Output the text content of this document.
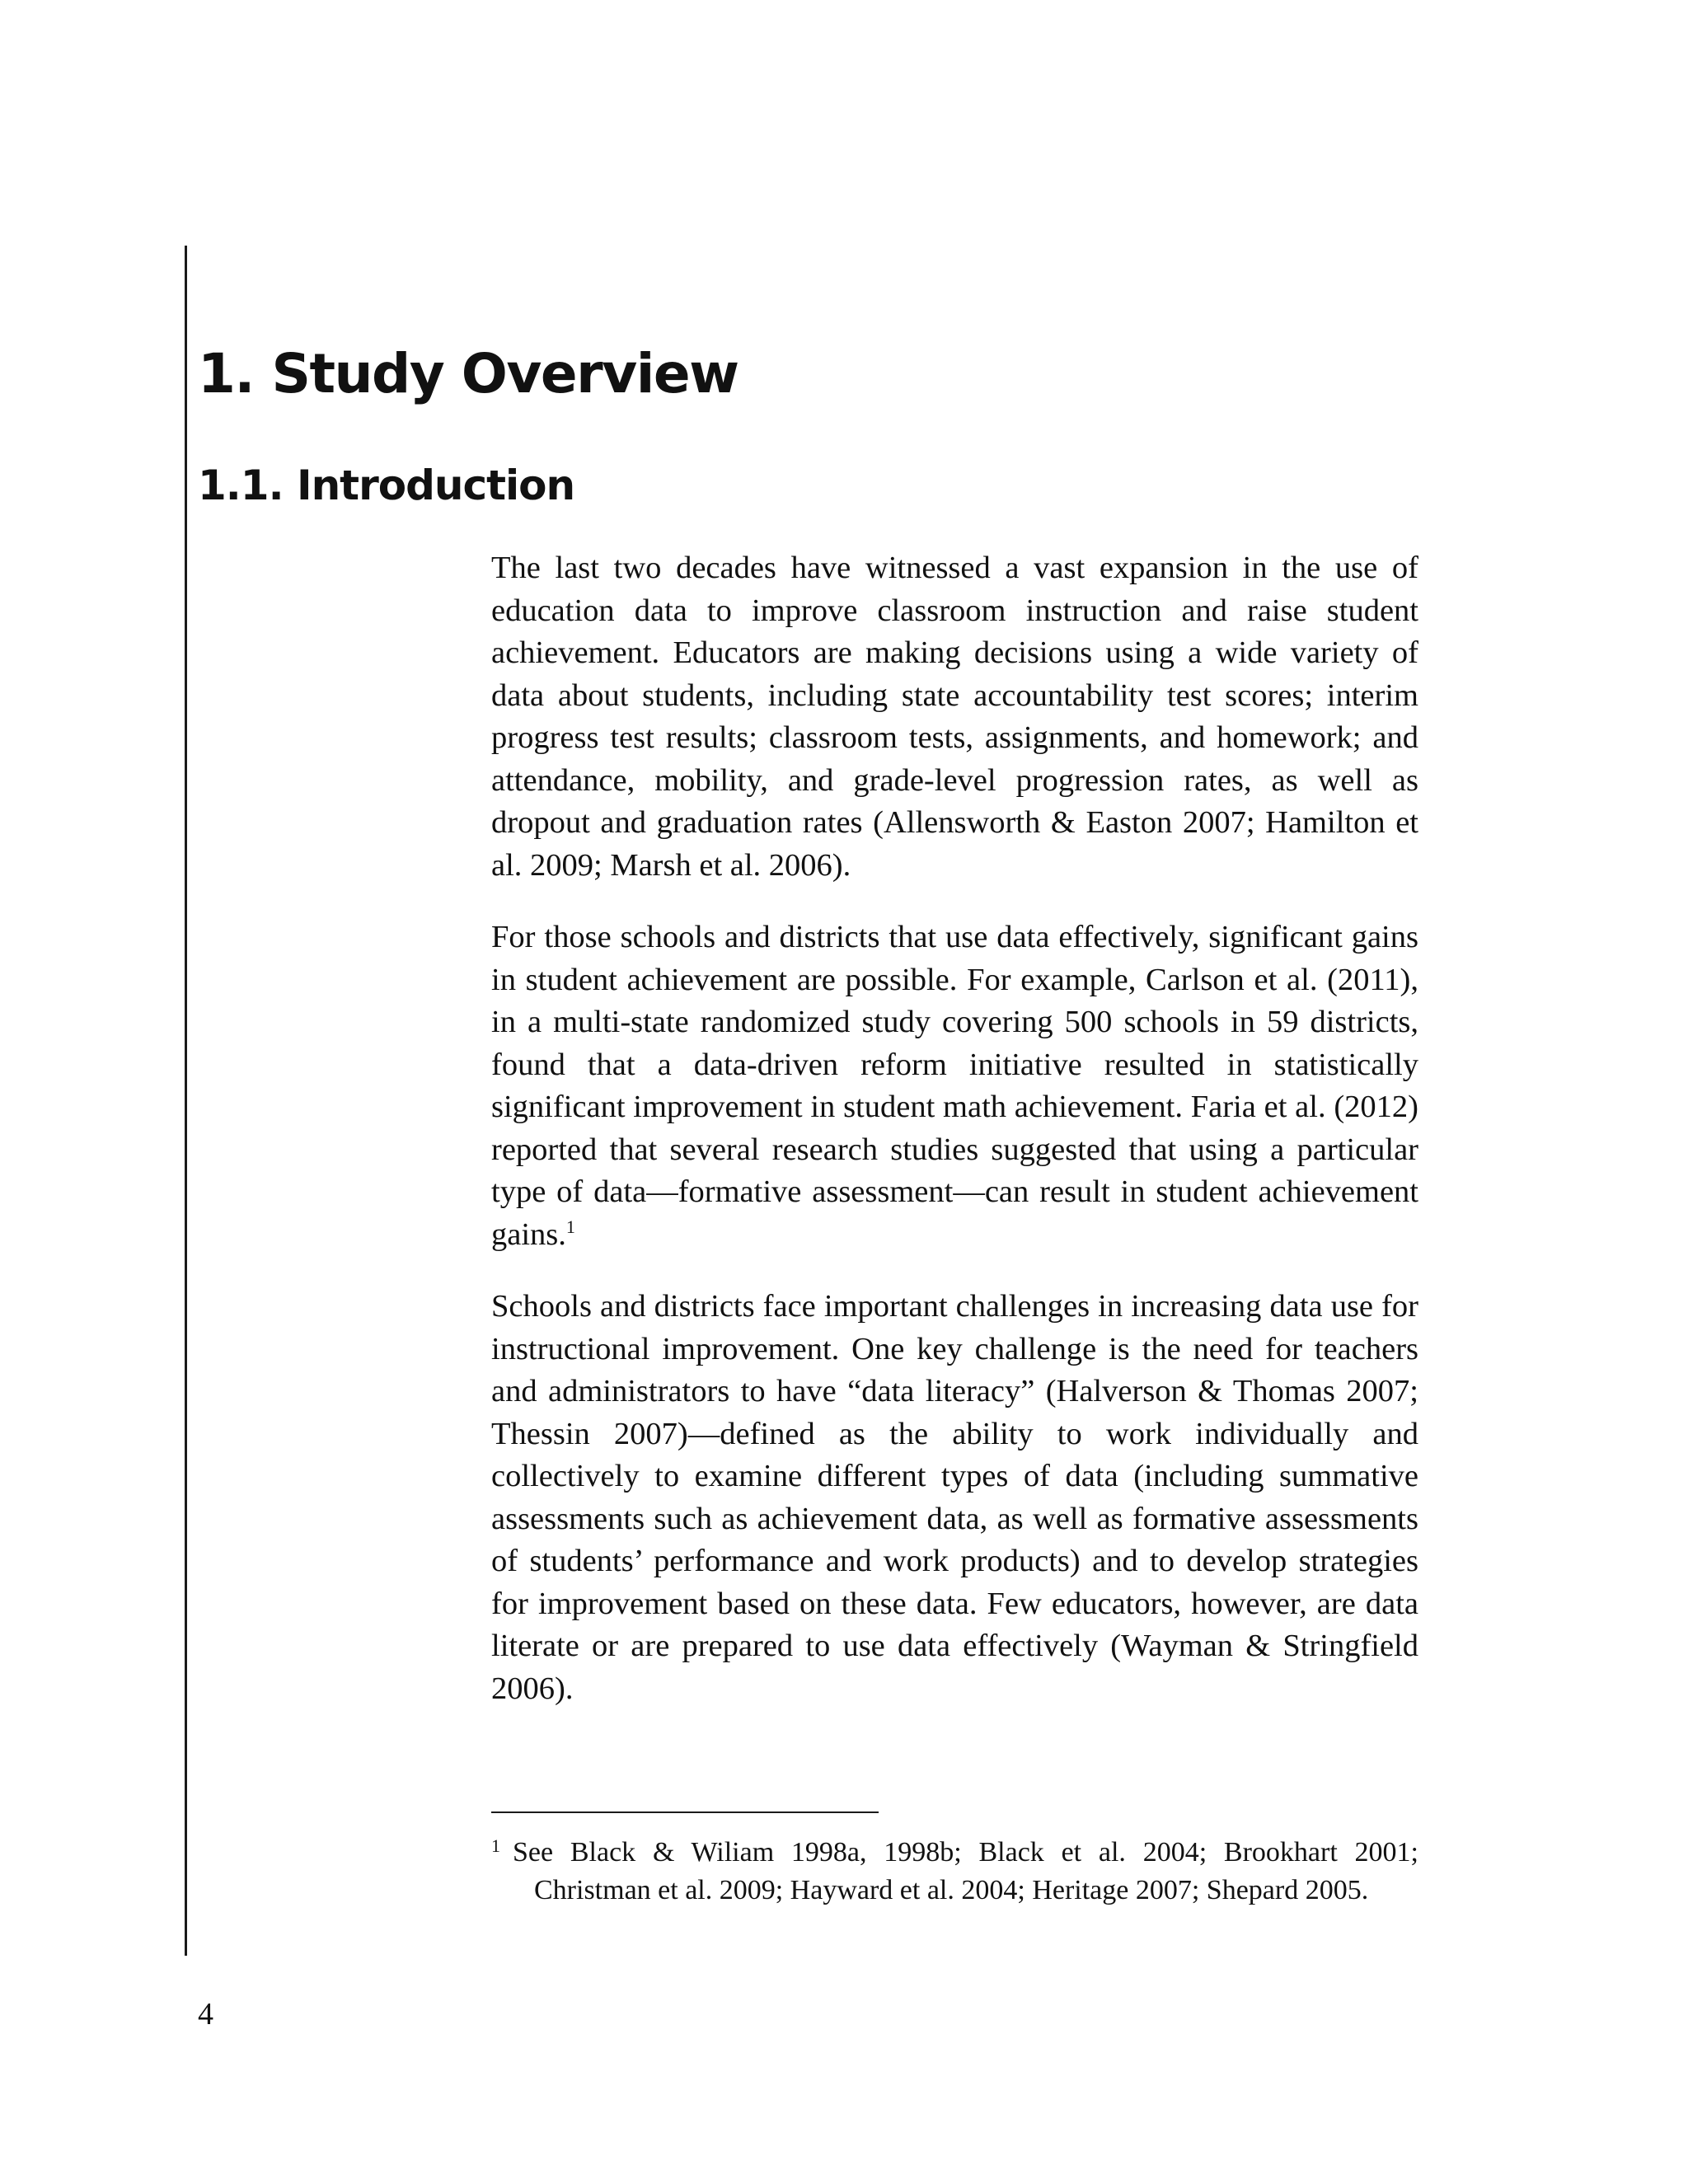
1. Study Overview
1.1. Introduction

The last two decades have witnessed a vast expansion in the use of education data to improve classroom instruction and raise student achievement. Educators are making decisions using a wide variety of data about students, including state accountability test scores; interim progress test results; classroom tests, assignments, and homework; and attendance, mobility, and grade-level progression rates, as well as dropout and graduation rates (Allensworth & Easton 2007; Hamilton et al. 2009; Marsh et al. 2006).

For those schools and districts that use data effectively, significant gains in student achievement are possible. For example, Carlson et al. (2011), in a multi-state randomized study covering 500 schools in 59 districts, found that a data-driven reform initiative resulted in statistically significant improvement in student math achievement. Faria et al. (2012) reported that several research studies suggested that using a particular type of data—formative assessment—can result in student achievement gains.$^1$

Schools and districts face important challenges in increasing data use for instructional improvement. One key challenge is the need for teachers and administrators to have “data literacy” (Halverson & Thomas 2007; Thessin 2007)—defined as the ability to work individually and collectively to examine different types of data (including summative assessments such as achievement data, as well as formative assessments of students’ performance and work products) and to develop strategies for improvement based on these data. Few educators, however, are data literate or are prepared to use data effectively (Wayman & Stringfield 2006).

1 See Black & Wiliam 1998a, 1998b; Black et al. 2004; Brookhart 2001; Christman et al. 2009; Hayward et al. 2004; Heritage 2007; Shepard 2005.
4
